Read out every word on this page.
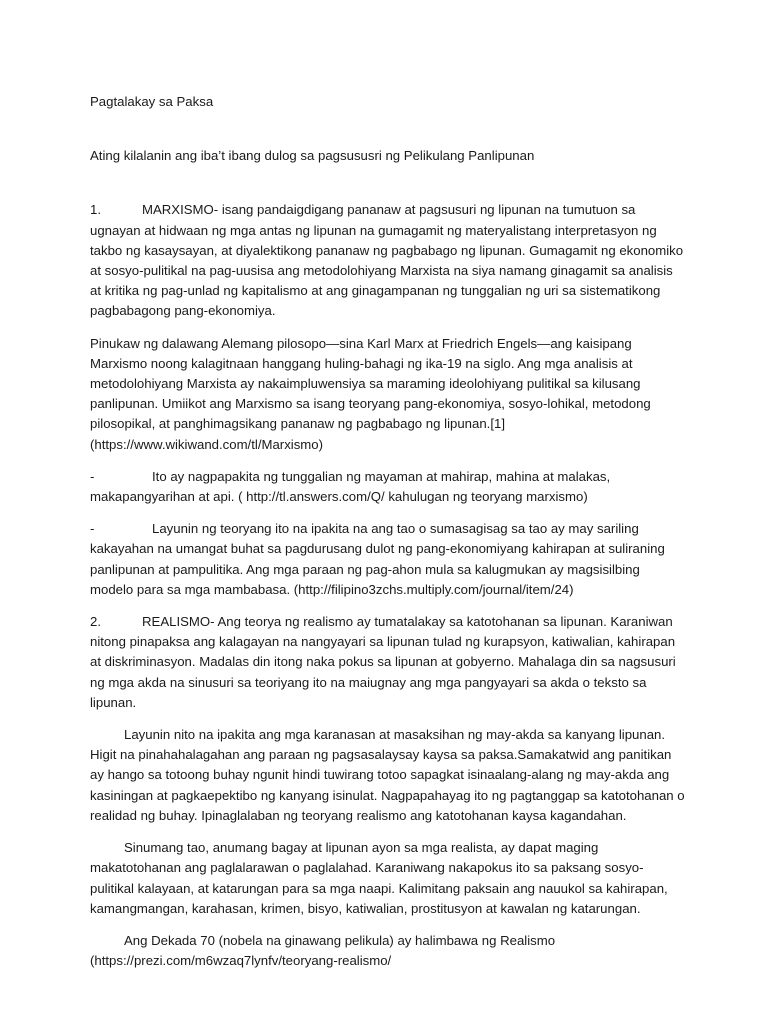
Pagtalakay sa Paksa

Ating kilalanin ang iba’t ibang dulog sa pagsususri ng Pelikulang Panlipunan

1.	MARXISMO- isang pandaigdigang pananaw at pagsusuri ng lipunan na tumutuon sa ugnayan at hidwaan ng mga antas ng lipunan na gumagamit ng materyalistang interpretasyon ng takbo ng kasaysayan, at diyalektikong pananaw ng pagbabago ng lipunan. Gumagamit ng ekonomiko at sosyo-pulitikal na pag-uusisa ang metodolohiyang Marxista na siya namang ginagamit sa analisis at kritika ng pag-unlad ng kapitalismo at ang ginagampanan ng tunggalian ng uri sa sistematikong pagbabagong pang-ekonomiya.

Pinukaw ng dalawang Alemang pilosopo—sina Karl Marx at Friedrich Engels—ang kaisipang Marxismo noong kalagitnaan hanggang huling-bahagi ng ika-19 na siglo. Ang mga analisis at metodolohiyang Marxista ay nakaimpluwensiya sa maraming ideolohiyang pulitikal sa kilusang panlipunan. Umiikot ang Marxismo sa isang teoryang pang-ekonomiya, sosyo-lohikal, metodong pilosopikal, at panghimagsikang pananaw ng pagbabago ng lipunan.[1](https://www.wikiwand.com/tl/Marxismo)

-	Ito ay nagpapakita ng tunggalian ng mayaman at mahirap, mahina at malakas, makapangyarihan at api. ( http://tl.answers.com/Q/ kahulugan ng teoryang marxismo)

-	Layunin ng teoryang ito na ipakita na ang tao o sumasagisag sa tao ay may sariling kakayahan na umangat buhat sa pagdurusang dulot ng pang-ekonomiyang kahirapan at suliraning panlipunan at pampulitika. Ang mga paraan ng pag-ahon mula sa kalugmukan ay magsisilbing modelo para sa mga mambabasa. (http://filipino3zchs.multiply.com/journal/item/24)

2.	REALISMO- Ang teorya ng realismo ay tumatalakay sa katotohanan sa lipunan. Karaniwan nitong pinapaksa ang kalagayan na nangyayari sa lipunan tulad ng kurapsyon, katiwalian, kahirapan at diskriminasyon. Madalas din itong naka pokus sa lipunan at gobyerno. Mahalaga din sa nagsusuri ng mga akda na sinusuri sa teoriyang ito na maiugnay ang mga pangyayari sa akda o teksto sa lipunan.

Layunin nito na ipakita ang mga karanasan at masaksihan ng may-akda sa kanyang lipunan. Higit na pinahahalagahan ang paraan ng pagsasalaysay kaysa sa paksa.Samakatwid ang panitikan ay hango sa totoong buhay ngunit hindi tuwirang totoo sapagkat isinaalang-alang ng may-akda ang kasiningan at pagkaepektibo ng kanyang isinulat. Nagpapahayag ito ng pagtanggap sa katotohanan o realidad ng buhay. Ipinaglalaban ng teoryang realismo ang katotohanan kaysa kagandahan.

Sinumang tao, anumang bagay at lipunan ayon sa mga realista, ay dapat maging makatotohanan ang paglalarawan o paglalahad. Karaniwang nakapokus ito sa paksang sosyo-pulitikal kalayaan, at katarungan para sa mga naapi. Kalimitang paksain ang nauukol sa kahirapan, kamangmangan, karahasan, krimen, bisyo, katiwalian, prostitusyon at kawalan ng katarungan.

Ang Dekada 70 (nobela na ginawang pelikula) ay halimbawa ng Realismo (https://prezi.com/m6wzaq7lynfv/teoryang-realismo/
